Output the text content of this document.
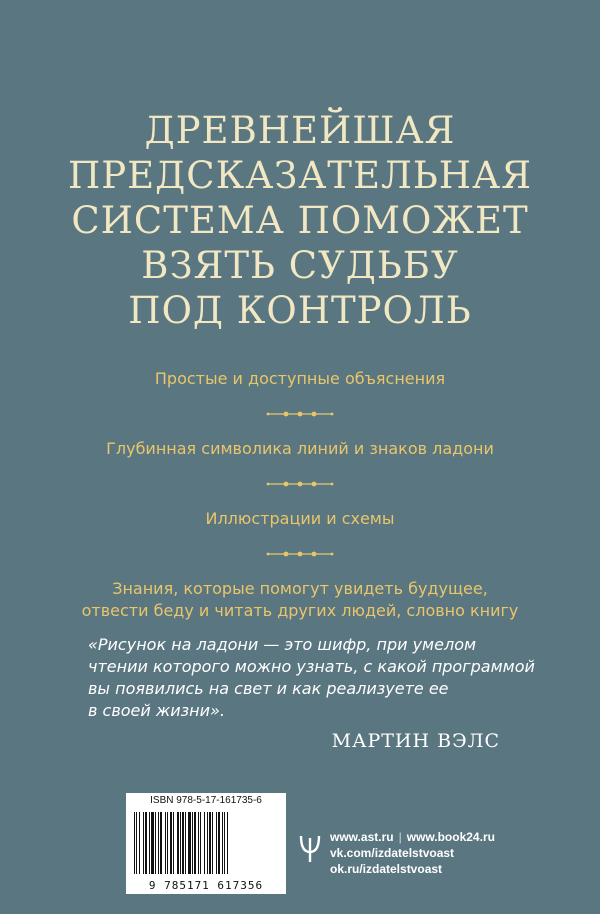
ДРЕВНЕЙШАЯ
ПРЕДСКАЗАТЕЛЬНАЯ
СИСТЕМА ПОМОЖЕТ
ВЗЯТЬ СУДЬБУ
ПОД КОНТРОЛЬ

Простые и доступные объяснения

Глубинная символика линий и знаков ладони

Иллюстрации и схемы

Знания, которые помогут увидеть будущее,

отвести беду и читать других людей, словно книгу

«Рисунок на ладони — это шифр, при умелом
чтении которого можно узнать, с какой программой
вы появились на свет и как реализуете ее
в своей жизни».
МАРТИН ВЭЛС
ISBN 978-5-17-161735-6
9 785171 617356
www.ast.ru | www.book24.ru
vk.com/izdatelstvoast
ok.ru/izdatelstvoast
